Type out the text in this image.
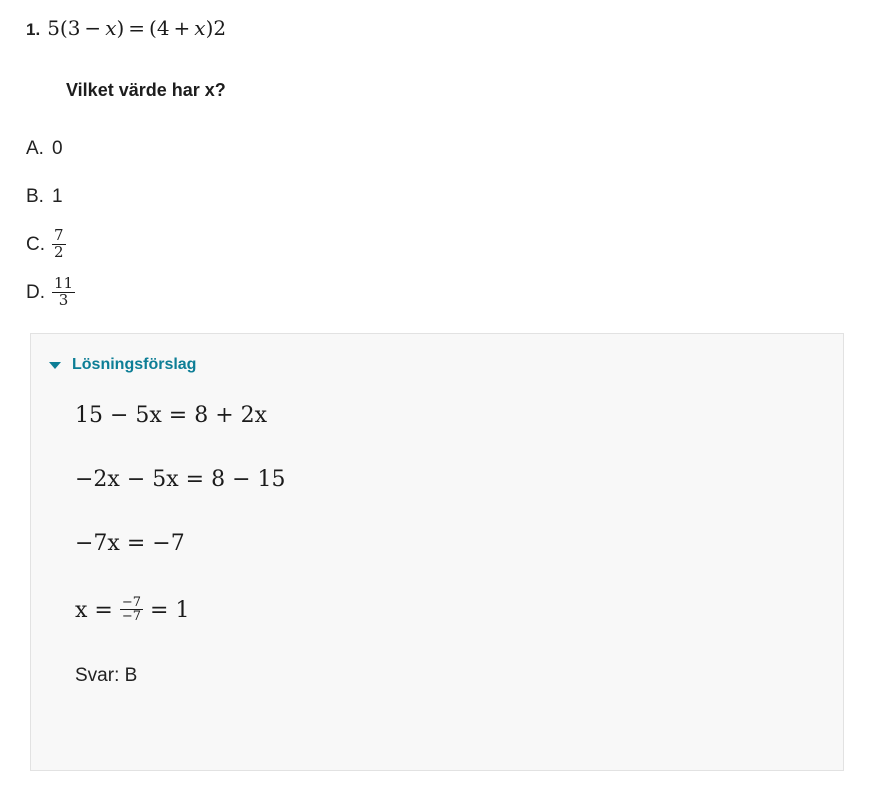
1. 5(3 − x) = (4 + x)2
Vilket värde har x?
A. 0
B. 1
C. $\frac{7}{2}$
D. $\frac{11}{3}$
Lösningsförslag
15 − 5x = 8 + 2x
−2x − 5x = 8 − 15
−7x = −7
$x = \frac{-7}{-7} = 1$
Svar: B
